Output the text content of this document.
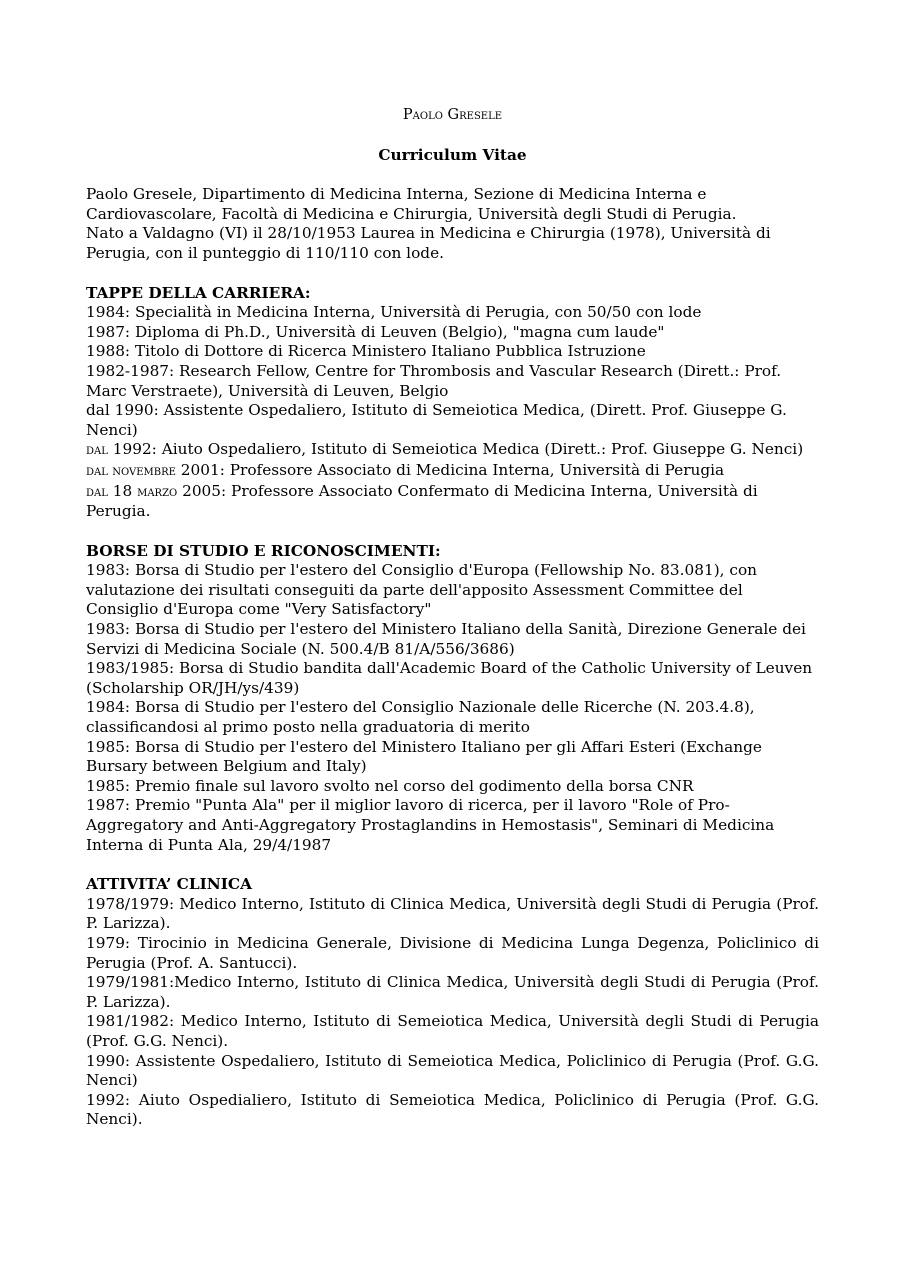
Paolo Gresele

Curriculum Vitae

Paolo Gresele, Dipartimento di Medicina Interna, Sezione di Medicina Interna e Cardiovascolare, Facoltà di Medicina e Chirurgia, Università degli Studi di Perugia.

Nato a Valdagno (VI) il 28/10/1953 Laurea in Medicina e Chirurgia (1978), Università di Perugia, con il punteggio di 110/110 con lode.

TAPPE DELLA CARRIERA:

1984: Specialità in Medicina Interna, Università di Perugia, con 50/50 con lode

1987: Diploma di Ph.D., Università di Leuven (Belgio), "magna cum laude"

1988: Titolo di Dottore di Ricerca Ministero Italiano Pubblica Istruzione

1982-1987: Research Fellow, Centre for Thrombosis and Vascular Research (Dirett.: Prof. Marc Verstraete), Università di Leuven, Belgio

dal 1990: Assistente Ospedaliero, Istituto di Semeiotica Medica, (Dirett. Prof. Giuseppe G. Nenci)

dal 1992: Aiuto Ospedaliero, Istituto di Semeiotica Medica (Dirett.: Prof. Giuseppe G. Nenci)

dal novembre 2001: Professore Associato di Medicina Interna, Università di Perugia

dal 18 marzo 2005: Professore Associato Confermato di Medicina Interna, Università di Perugia.

BORSE DI STUDIO E RICONOSCIMENTI:

1983: Borsa di Studio per l'estero del Consiglio d'Europa (Fellowship No. 83.081), con valutazione dei risultati conseguiti da parte dell'apposito Assessment Committee del Consiglio d'Europa come "Very Satisfactory"

1983: Borsa di Studio per l'estero del Ministero Italiano della Sanità, Direzione Generale dei Servizi di Medicina Sociale (N. 500.4/B 81/A/556/3686)

1983/1985: Borsa di Studio bandita dall'Academic Board of the Catholic University of Leuven (Scholarship OR/JH/ys/439)

1984: Borsa di Studio per l'estero del Consiglio Nazionale delle Ricerche (N. 203.4.8), classificandosi al primo posto nella graduatoria di merito

1985: Borsa di Studio per l'estero del Ministero Italiano per gli Affari Esteri (Exchange Bursary between Belgium and Italy)

1985: Premio finale sul lavoro svolto nel corso del godimento della borsa CNR

1987: Premio "Punta Ala" per il miglior lavoro di ricerca, per il lavoro "Role of Pro-Aggregatory and Anti-Aggregatory Prostaglandins in Hemostasis", Seminari di Medicina Interna di Punta Ala, 29/4/1987

ATTIVITA’ CLINICA

1978/1979: Medico Interno, Istituto di Clinica Medica, Università degli Studi di Perugia (Prof. P. Larizza).

1979: Tirocinio in Medicina Generale, Divisione di Medicina Lunga Degenza, Policlinico di Perugia (Prof. A. Santucci).

1979/1981:Medico Interno, Istituto di Clinica Medica, Università degli Studi di Perugia (Prof. P. Larizza).

1981/1982: Medico Interno, Istituto di Semeiotica Medica, Università degli Studi di Perugia (Prof. G.G. Nenci).

1990: Assistente Ospedaliero, Istituto di Semeiotica Medica, Policlinico di Perugia (Prof. G.G. Nenci)

1992: Aiuto Ospedialiero, Istituto di Semeiotica Medica, Policlinico di Perugia (Prof. G.G. Nenci).
